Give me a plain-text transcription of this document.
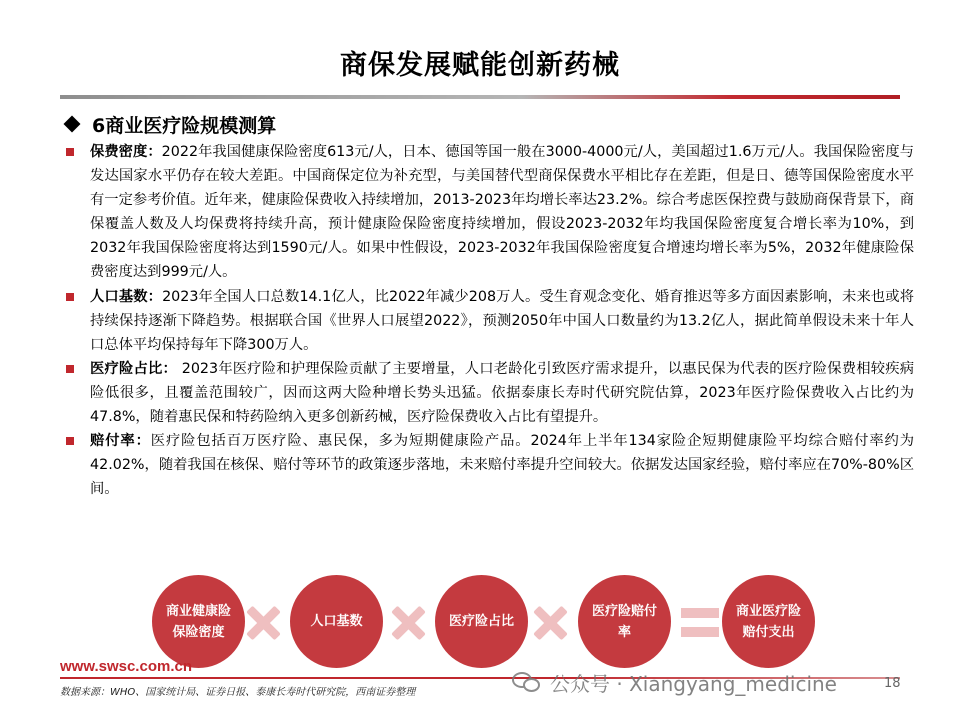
商保发展赋能创新药械
6商业医疗险规模测算
保费密度：2022年我国健康保险密度613元/人，日本、德国等国一般在3000-4000元/人，美国超过1.6万元/人。我国保险密度与发达国家水平仍存在较大差距。中国商保定位为补充型，与美国替代型商保保费水平相比存在差距，但是日、德等国保险密度水平有一定参考价值。近年来，健康险保费收入持续增加，2013-2023年均增长率达23.2%。综合考虑医保控费与鼓励商保背景下，商保覆盖人数及人均保费将持续升高，预计健康险保险密度持续增加，假设2023-2032年均我国保险密度复合增长率为10%，到2032年我国保险密度将达到1590元/人。如果中性假设，2023-2032年我国保险密度复合增速均增长率为5%，2032年健康险保费密度达到999元/人。
人口基数：2023年全国人口总数14.1亿人，比2022年减少208万人。受生育观念变化、婚育推迟等多方面因素影响，未来也或将持续保持逐渐下降趋势。根据联合国《世界人口展望2022》，预测2050年中国人口数量约为13.2亿人，据此简单假设未来十年人口总体平均保持每年下降300万人。
医疗险占比： 2023年医疗险和护理保险贡献了主要增量，人口老龄化引致医疗需求提升，以惠民保为代表的医疗险保费相较疾病险低很多，且覆盖范围较广，因而这两大险种增长势头迅猛。依据泰康长寿时代研究院估算，2023年医疗险保费收入占比约为47.8%，随着惠民保和特药险纳入更多创新药械，医疗险保费收入占比有望提升。
赔付率：医疗险包括百万医疗险、惠民保，多为短期健康险产品。2024年上半年134家险企短期健康险平均综合赔付率约为42.02%，随着我国在核保、赔付等环节的政策逐步落地，未来赔付率提升空间较大。依据发达国家经验，赔付率应在70%-80%区间。
商业健康险保险密度
人口基数	医疗险占比
医疗险赔付率
商业医疗险赔付支出
www.swsc.com.cn
数据来源：WHO、国家统计局、证券日报、泰康长寿时代研究院，西南证券整理	公众号 · Xiangyang_medicine	18
